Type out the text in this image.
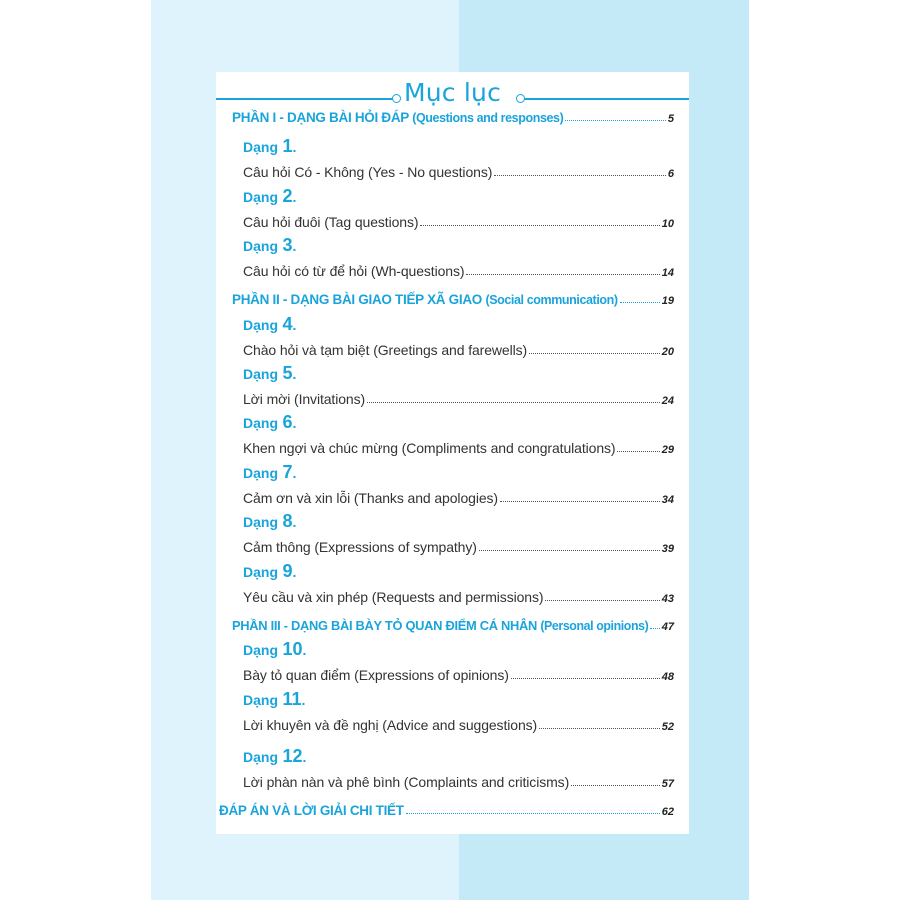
Mục lục
PHẦN I - DẠNG BÀI HỎI ĐÁP (Questions and responses)	5
Dạng 1.
Câu hỏi Có - Không (Yes - No questions)	6
Dạng 2.
Câu hỏi đuôi (Tag questions)	10
Dạng 3.
Câu hỏi có từ để hỏi (Wh-questions)	14
PHẦN II - DẠNG BÀI GIAO TIẾP XÃ GIAO (Social communication)	19
Dạng 4.
Chào hỏi và tạm biệt (Greetings and farewells)	20
Dạng 5.
Lời mời (Invitations)	24
Dạng 6.
Khen ngợi và chúc mừng (Compliments and congratulations)	29
Dạng 7.
Cảm ơn và xin lỗi (Thanks and apologies)	34
Dạng 8.
Cảm thông (Expressions of sympathy)	39
Dạng 9.
Yêu cầu và xin phép (Requests and permissions)	43
PHẦN III - DẠNG BÀI BÀY TỎ QUAN ĐIỂM CÁ NHÂN (Personal opinions) 47
Dạng 10.
Bày tỏ quan điểm (Expressions of opinions)	48
Dạng 11.
Lời khuyên và đề nghị (Advice and suggestions)	52
Dạng 12.
Lời phàn nàn và phê bình (Complaints and criticisms)	57
ĐÁP ÁN VÀ LỜI GIẢI CHI TIẾT	62
